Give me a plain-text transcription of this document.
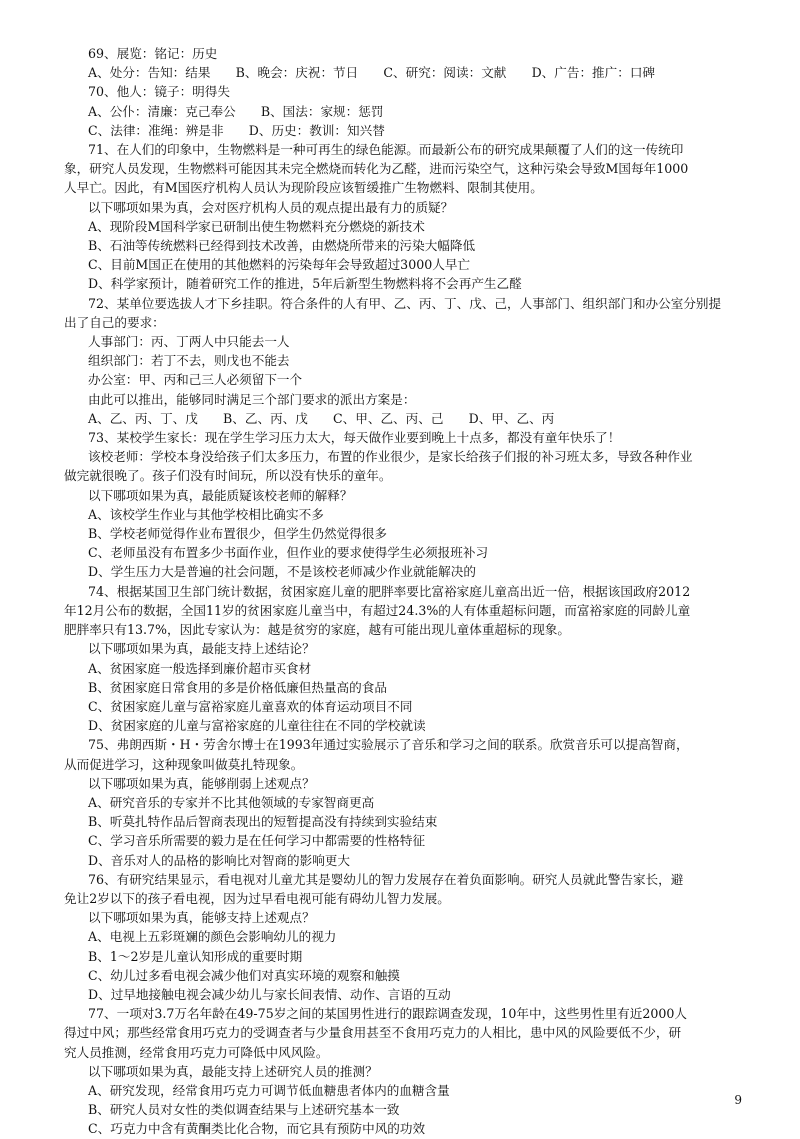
69、展览：铭记：历史
A、处分：告知：结果　　B、晚会：庆祝：节日　　C、研究：阅读：文献　　D、广告：推广：口碑
70、他人：镜子：明得失
A、公仆：清廉：克己奉公　　B、国法：家规：惩罚
C、法律：准绳：辨是非　　D、历史：教训：知兴替
71、在人们的印象中，生物燃料是一种可再生的绿色能源。而最新公布的研究成果颠覆了人们的这一传统印
象，研究人员发现，生物燃料可能因其未完全燃烧而转化为乙醛，进而污染空气，这种污染会导致M国每年1000
人早亡。因此，有M国医疗机构人员认为现阶段应该暂缓推广生物燃料、限制其使用。
以下哪项如果为真，会对医疗机构人员的观点提出最有力的质疑？
A、现阶段M国科学家已研制出使生物燃料充分燃烧的新技术
B、石油等传统燃料已经得到技术改善，由燃烧所带来的污染大幅降低
C、目前M国正在使用的其他燃料的污染每年会导致超过3000人早亡
D、科学家预计，随着研究工作的推进，5年后新型生物燃料将不会再产生乙醛
72、某单位要选拔人才下乡挂职。符合条件的人有甲、乙、丙、丁、戊、己，人事部门、组织部门和办公室分别提
出了自己的要求：
人事部门：丙、丁两人中只能去一人
组织部门：若丁不去，则戊也不能去
办公室：甲、丙和己三人必须留下一个
由此可以推出，能够同时满足三个部门要求的派出方案是：
A、乙、丙、丁、戊　　B、乙、丙、戊　　C、甲、乙、丙、己　　D、甲、乙、丙
73、某校学生家长：现在学生学习压力太大，每天做作业要到晚上十点多，都没有童年快乐了！
该校老师：学校本身没给孩子们太多压力，布置的作业很少，是家长给孩子们报的补习班太多，导致各种作业
做完就很晚了。孩子们没有时间玩，所以没有快乐的童年。
以下哪项如果为真，最能质疑该校老师的解释？
A、该校学生作业与其他学校相比确实不多
B、学校老师觉得作业布置很少，但学生仍然觉得很多
C、老师虽没有布置多少书面作业，但作业的要求使得学生必须报班补习
D、学生压力大是普遍的社会问题，不是该校老师减少作业就能解决的
74、根据某国卫生部门统计数据，贫困家庭儿童的肥胖率要比富裕家庭儿童高出近一倍，根据该国政府2012
年12月公布的数据，全国11岁的贫困家庭儿童当中，有超过24.3%的人有体重超标问题，而富裕家庭的同龄儿童
肥胖率只有13.7%，因此专家认为：越是贫穷的家庭，越有可能出现儿童体重超标的现象。
以下哪项如果为真，最能支持上述结论？
A、贫困家庭一般选择到廉价超市买食材
B、贫困家庭日常食用的多是价格低廉但热量高的食品
C、贫困家庭儿童与富裕家庭儿童喜欢的体育运动项目不同
D、贫困家庭的儿童与富裕家庭的儿童往往在不同的学校就读
75、弗朗西斯・H・劳舍尔博士在1993年通过实验展示了音乐和学习之间的联系。欣赏音乐可以提高智商，
从而促进学习，这种现象叫做莫扎特现象。
以下哪项如果为真，能够削弱上述观点？
A、研究音乐的专家并不比其他领域的专家智商更高
B、听莫扎特作品后智商表现出的短暂提高没有持续到实验结束
C、学习音乐所需要的毅力是在任何学习中都需要的性格特征
D、音乐对人的品格的影响比对智商的影响更大
76、有研究结果显示，看电视对儿童尤其是婴幼儿的智力发展存在着负面影响。研究人员就此警告家长，避
免让2岁以下的孩子看电视，因为过早看电视可能有碍幼儿智力发展。
以下哪项如果为真，能够支持上述观点？
A、电视上五彩斑斓的颜色会影响幼儿的视力
B、1～2岁是儿童认知形成的重要时期
C、幼儿过多看电视会减少他们对真实环境的观察和触摸
D、过早地接触电视会减少幼儿与家长间表情、动作、言语的互动
77、一项对3.7万名年龄在49-75岁之间的某国男性进行的跟踪调查发现，10年中，这些男性里有近2000人
得过中风；那些经常食用巧克力的受调查者与少量食用甚至不食用巧克力的人相比，患中风的风险要低不少，研
究人员推测，经常食用巧克力可降低中风风险。
以下哪项如果为真，最能支持上述研究人员的推测？
A、研究发现，经常食用巧克力可调节低血糖患者体内的血糖含量
B、研究人员对女性的类似调查结果与上述研究基本一致
C、巧克力中含有黄酮类比化合物，而它具有预防中风的功效
9
